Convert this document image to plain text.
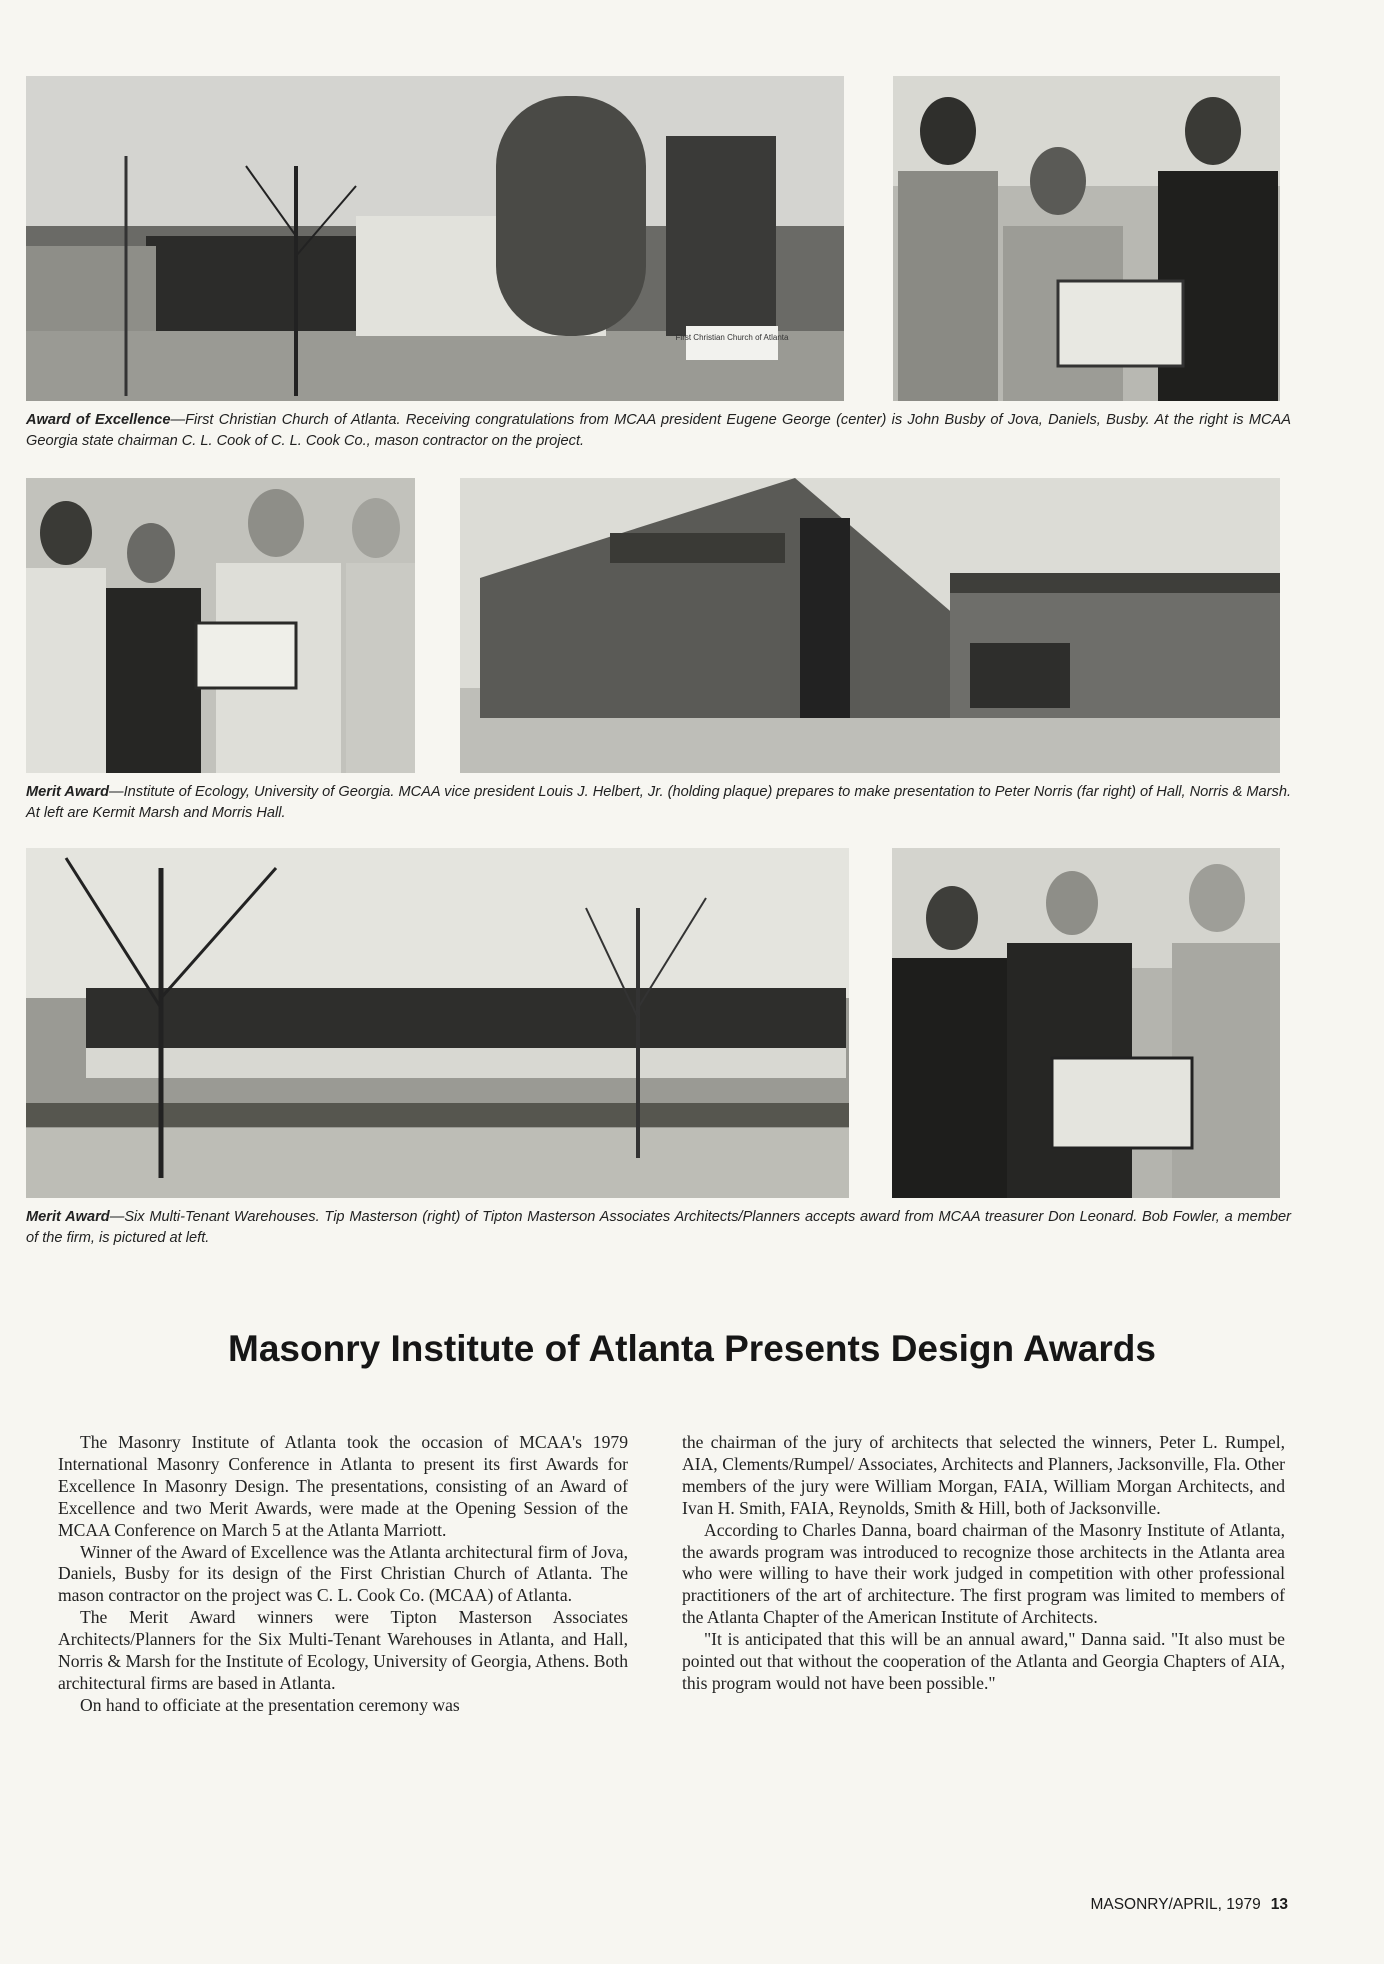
First Christian Church of Atlanta

Award of Excellence—First Christian Church of Atlanta. Receiving congratulations from MCAA president Eugene George (center) is John Busby of Jova, Daniels, Busby. At the right is MCAA Georgia state chairman C. L. Cook of C. L. Cook Co., mason contractor on the project.

Merit Award—Institute of Ecology, University of Georgia. MCAA vice president Louis J. Helbert, Jr. (holding plaque) prepares to make presentation to Peter Norris (far right) of Hall, Norris & Marsh. At left are Kermit Marsh and Morris Hall.

Merit Award—Six Multi-Tenant Warehouses. Tip Masterson (right) of Tipton Masterson Associates Architects/Planners accepts award from MCAA treasurer Don Leonard. Bob Fowler, a member of the firm, is pictured at left.

Masonry Institute of Atlanta Presents Design Awards

The Masonry Institute of Atlanta took the occasion of MCAA's 1979 International Masonry Conference in Atlanta to present its first Awards for Excellence In Masonry Design. The presentations, consisting of an Award of Excellence and two Merit Awards, were made at the Opening Session of the MCAA Conference on March 5 at the Atlanta Marriott.

Winner of the Award of Excellence was the Atlanta architectural firm of Jova, Daniels, Busby for its design of the First Christian Church of Atlanta. The mason contractor on the project was C. L. Cook Co. (MCAA) of Atlanta.

The Merit Award winners were Tipton Masterson Associates Architects/Planners for the Six Multi-Tenant Warehouses in Atlanta, and Hall, Norris & Marsh for the Institute of Ecology, University of Georgia, Athens. Both architectural firms are based in Atlanta.

On hand to officiate at the presentation ceremony was

the chairman of the jury of architects that selected the winners, Peter L. Rumpel, AIA, Clements/Rumpel/ Associates, Architects and Planners, Jacksonville, Fla. Other members of the jury were William Morgan, FAIA, William Morgan Architects, and Ivan H. Smith, FAIA, Reynolds, Smith & Hill, both of Jacksonville.

According to Charles Danna, board chairman of the Masonry Institute of Atlanta, the awards program was introduced to recognize those architects in the Atlanta area who were willing to have their work judged in competition with other professional practitioners of the art of architecture. The first program was limited to members of the Atlanta Chapter of the American Institute of Architects.

"It is anticipated that this will be an annual award," Danna said. "It also must be pointed out that without the cooperation of the Atlanta and Georgia Chapters of AIA, this program would not have been possible."

MASONRY/APRIL, 1979 13
